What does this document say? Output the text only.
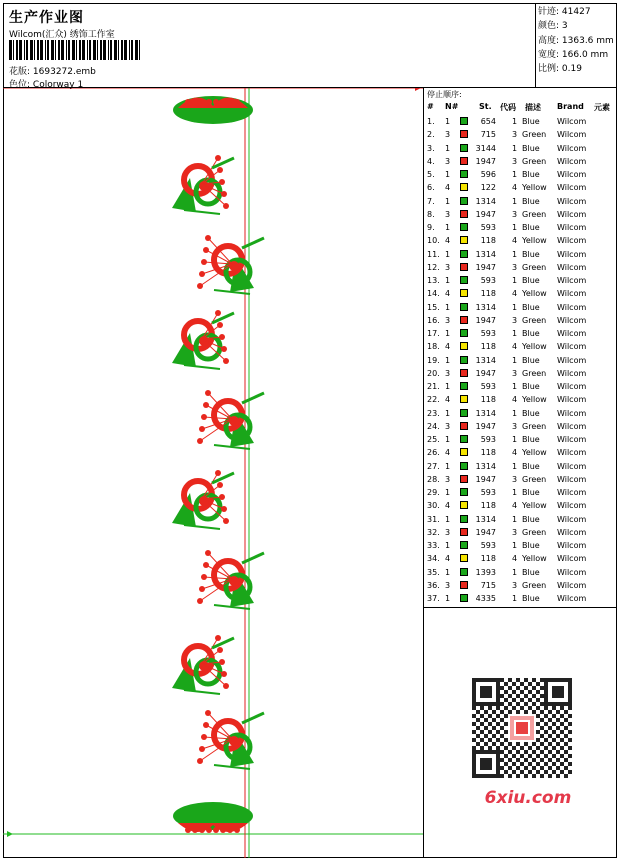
生产作业图
Wilcom(汇众) 绣饰工作室
花版: 1693272.emb
色位: Colorway 1
针迹: 41427
颜色: 3
高度: 1363.6 mm
宽度: 166.0 mm
比例: 0.19
停止顺序:
# N#	St. 代码 描述 Brand 元素
1. 1	654 1 Blue Wilcom
2. 3	715 3 Green Wilcom
3. 1	3144 1 Blue Wilcom
4. 3	1947 3 Green Wilcom
5. 1	596 1 Blue Wilcom
6. 4	122 4 Yellow Wilcom
7. 1	1314 1 Blue Wilcom
8. 3	1947 3 Green Wilcom
9. 1	593 1 Blue Wilcom
10. 4	118 4 Yellow Wilcom
11. 1	1314 1 Blue Wilcom
12. 3	1947 3 Green Wilcom
13. 1	593 1 Blue Wilcom
14. 4	118 4 Yellow Wilcom
15. 1	1314 1 Blue Wilcom
16. 3	1947 3 Green Wilcom
17. 1	593 1 Blue Wilcom
18. 4	118 4 Yellow Wilcom
19. 1	1314 1 Blue Wilcom
20. 3	1947 3 Green Wilcom
21. 1	593 1 Blue Wilcom
22. 4	118 4 Yellow Wilcom
23. 1	1314 1 Blue Wilcom
24. 3	1947 3 Green Wilcom
25. 1	593 1 Blue Wilcom
26. 4	118 4 Yellow Wilcom
27. 1	1314 1 Blue Wilcom
28. 3	1947 3 Green Wilcom
29. 1	593 1 Blue Wilcom
30. 4	118 4 Yellow Wilcom
31. 1	1314 1 Blue Wilcom
32. 3	1947 3 Green Wilcom
33. 1	593 1 Blue Wilcom
34. 4	118 4 Yellow Wilcom
35. 1	1393 1 Blue Wilcom
36. 3	715 3 Green Wilcom
37. 1	4335 1 Blue Wilcom
6xiu.com
